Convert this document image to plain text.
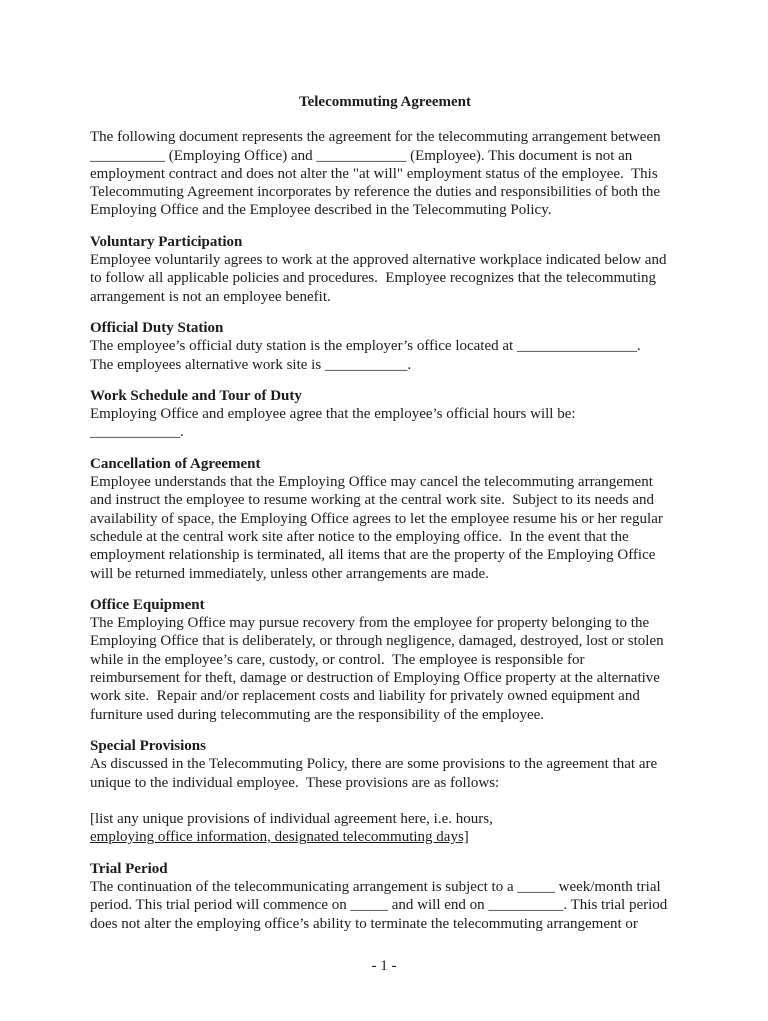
Telecommuting Agreement
The following document represents the agreement for the telecommuting arrangement between
__________ (Employing Office) and ____________ (Employee). This document is not an
employment contract and does not alter the "at will" employment status of the employee.  This
Telecommuting Agreement incorporates by reference the duties and responsibilities of both the
Employing Office and the Employee described in the Telecommuting Policy.
Voluntary Participation
Employee voluntarily agrees to work at the approved alternative workplace indicated below and
to follow all applicable policies and procedures.  Employee recognizes that the telecommuting
arrangement is not an employee benefit.
Official Duty Station
The employee’s official duty station is the employer’s office located at ________________.
The employees alternative work site is ___________.
Work Schedule and Tour of Duty
Employing Office and employee agree that the employee’s official hours will be:
____________.
Cancellation of Agreement
Employee understands that the Employing Office may cancel the telecommuting arrangement
and instruct the employee to resume working at the central work site.  Subject to its needs and
availability of space, the Employing Office agrees to let the employee resume his or her regular
schedule at the central work site after notice to the employing office.  In the event that the
employment relationship is terminated, all items that are the property of the Employing Office
will be returned immediately, unless other arrangements are made.
Office Equipment
The Employing Office may pursue recovery from the employee for property belonging to the
Employing Office that is deliberately, or through negligence, damaged, destroyed, lost or stolen
while in the employee’s care, custody, or control.  The employee is responsible for
reimbursement for theft, damage or destruction of Employing Office property at the alternative
work site.  Repair and/or replacement costs and liability for privately owned equipment and
furniture used during telecommuting are the responsibility of the employee.
Special Provisions
As discussed in the Telecommuting Policy, there are some provisions to the agreement that are
unique to the individual employee.  These provisions are as follows:

[list any unique provisions of individual agreement here, i.e. hours,
employing office information, designated telecommuting days]
Trial Period
The continuation of the telecommunicating arrangement is subject to a _____ week/month trial
period. This trial period will commence on _____ and will end on __________. This trial period
does not alter the employing office’s ability to terminate the telecommuting arrangement or
- 1 -
